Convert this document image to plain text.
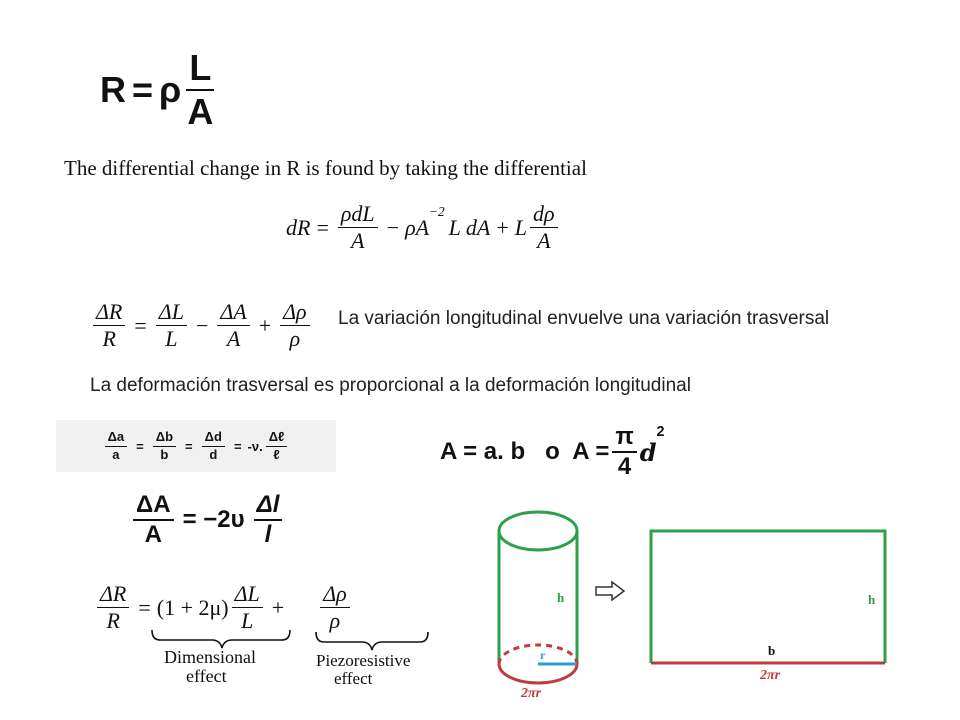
R = ρ $\frac{L}{A}$
The differential change in R is found by taking the differential
dR = $\frac{\text{ρdL}}{A} - \rho A$
$^{-2}$
L dA + L $\frac{d\rho}{A}$
$\frac{\Delta R}{R} = \frac{\Delta L}{L} - \frac{\Delta A}{A} + \frac{\Delta\rho}{\rho}$ La variación longitudinal envuelve una variación trasversal
La deformación trasversal es proporcional a la deformación longitudinal
$\frac{\Delta a}{a} = \frac{\Delta b}{b} = \frac{\Delta d}{d} = -\nu$. $\frac{\text{Δℓ}}{\text{ℓ}}$	A = a. b   o  $A = \frac{\pi}{4}$ d
$^2$
$\frac{\Delta A}{A} = -2\upsilon \frac{\Delta l}{l}$
$\frac{\Delta R}{R} = (1 + 2\mu) \frac{\Delta L}{L} + \frac{\Delta\rho}{\rho}$
Dimensional
effect
Piezoresistive
effect
h
r
2πr
h
b
2πr
